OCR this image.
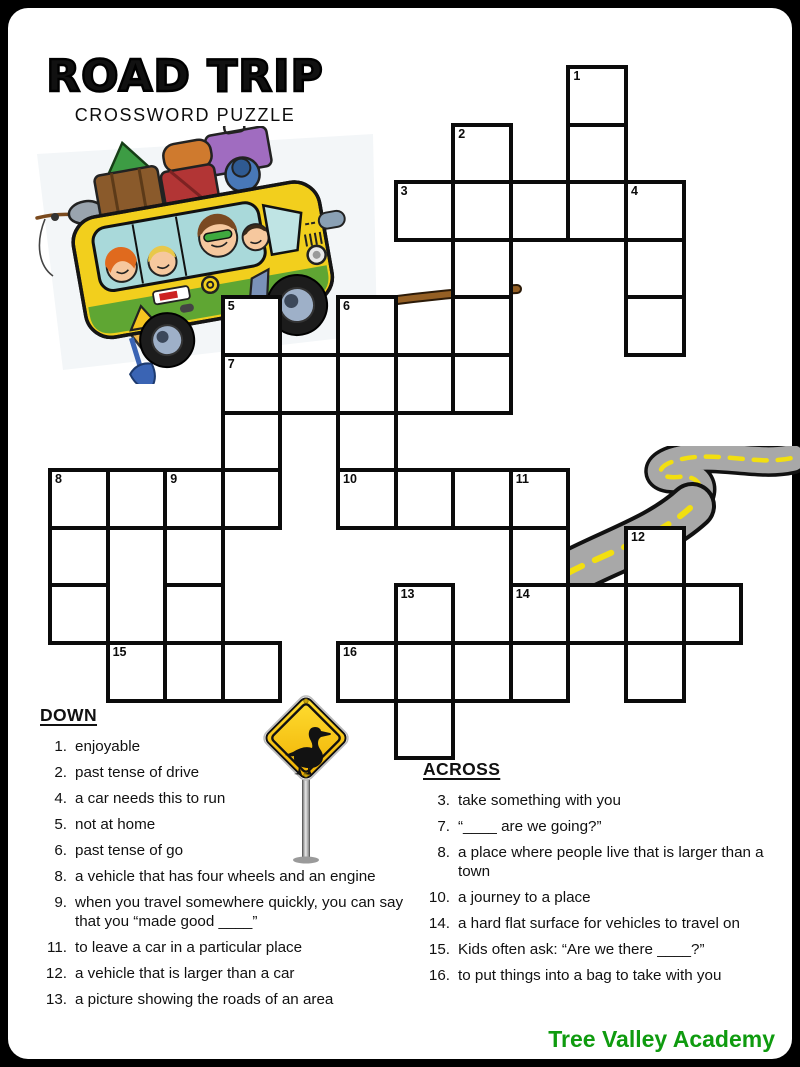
ROAD TRIP
CROSSWORD PUZZLE
1
2
3	4
5	6
7
8	9	10	11
12
13	14
15	16
DOWN
1. enjoyable
2. past tense of drive
4. a car needs this to run
5. not at home
6. past tense of go
8. a vehicle that has four wheels and an engine
9. when you travel somewhere quickly, you can say that you “made good ____”
11. to leave a car in a particular place
12. a vehicle that is larger than a car
13. a picture showing the roads of an area
ACROSS
3. take something with you
7. “____ are we going?”
8. a place where people live that is larger than a town
10. a journey to a place
14. a hard flat surface for vehicles to travel on
15. Kids often ask: “Are we there ____?”
16. to put things into a bag to take with you
Tree Valley Academy
